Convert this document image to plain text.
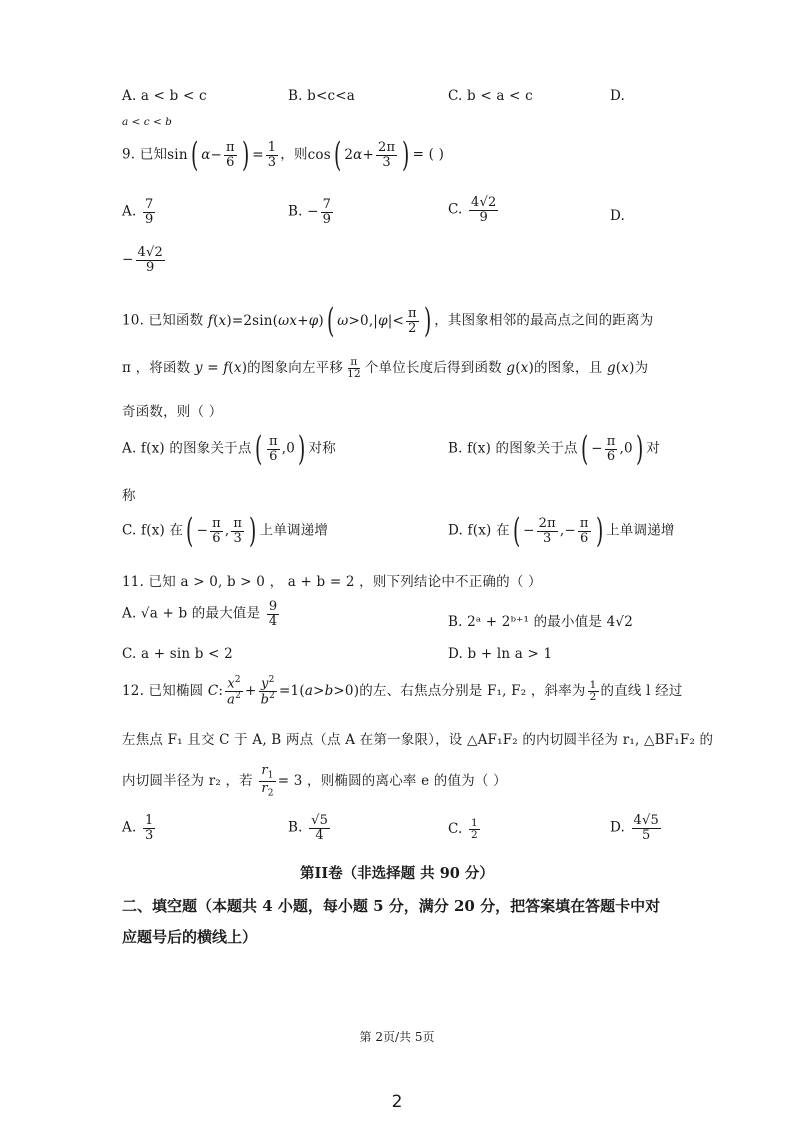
A. a < b < c	B. b<c<a	C. b < a < c	D.
a < c < b
9. 已知sin( $\alpha- \frac{\pi}{6}$ ) = $\frac{1}{3}$ ，则cos( $2\alpha+ \frac{2\pi}{3}$ ) = ( )
A. $\frac{7}{9}$	B. − $\frac{7}{9}$	C. $\frac{4√2}{9}$	D.
− $\frac{4√2}{9}$
10. 已知函数 f(x)=2sin(ωx+φ)( $\omega>0,|\varphi|< \frac{\pi}{2}$ ) ，其图象相邻的最高点之间的距离为
π ，将函数 y = f(x)的图象向左平移 $\frac{\pi}{12}$ 个单位长度后得到函数 g(x)的图象，且 g(x)为
奇函数，则（ ）
A. f(x) 的图象关于点( $\frac{\pi}{6} ,0$) 对称	B. f(x) 的图象关于点( − $\frac{\pi}{6} ,0$) 对
称
C. f(x) 在( − $\frac{\pi}{6}$ , $\frac{\pi}{3}$ ) 上单调递增	D. f(x) 在( − $\frac{2\pi}{3}$ ,− $\frac{\pi}{6}$ ) 上单调递增
11. 已知 a > 0, b > 0 ， a + b = 2 ，则下列结论中不正确的（ ）
A. √a + b 的最大值是 $\frac{9}{4}$	B. 2ᵃ + 2ᵇ⁺¹ 的最小值是 4√2
C. a + sin b < 2	D. b + ln a > 1
12. 已知椭圆 C: $\frac{x^2}{a^2} + \frac{y^2}{b^2} =1(a>b>0)$的左、右焦点分别是 F₁, F₂ ，斜率为 $\frac{1}{2}$ 的直线 l 经过
左焦点 F₁ 且交 C 于 A, B 两点（点 A 在第一象限），设 △AF₁F₂ 的内切圆半径为 r₁, △BF₁F₂ 的
内切圆半径为 r₂ ，若 $\frac{r_1}{r_2} = 3$ ，则椭圆的离心率 e 的值为（ ）
A. $\frac{1}{3}$	B. $\frac{√5}{4}$	C. $\frac{1}{2}$	D. $\frac{4√5}{5}$
第II卷（非选择题 共 90 分）
二、填空题（本题共 4 小题，每小题 5 分，满分 20 分，把答案填在答题卡中对
应题号后的横线上）
第 2页/共 5页
2
